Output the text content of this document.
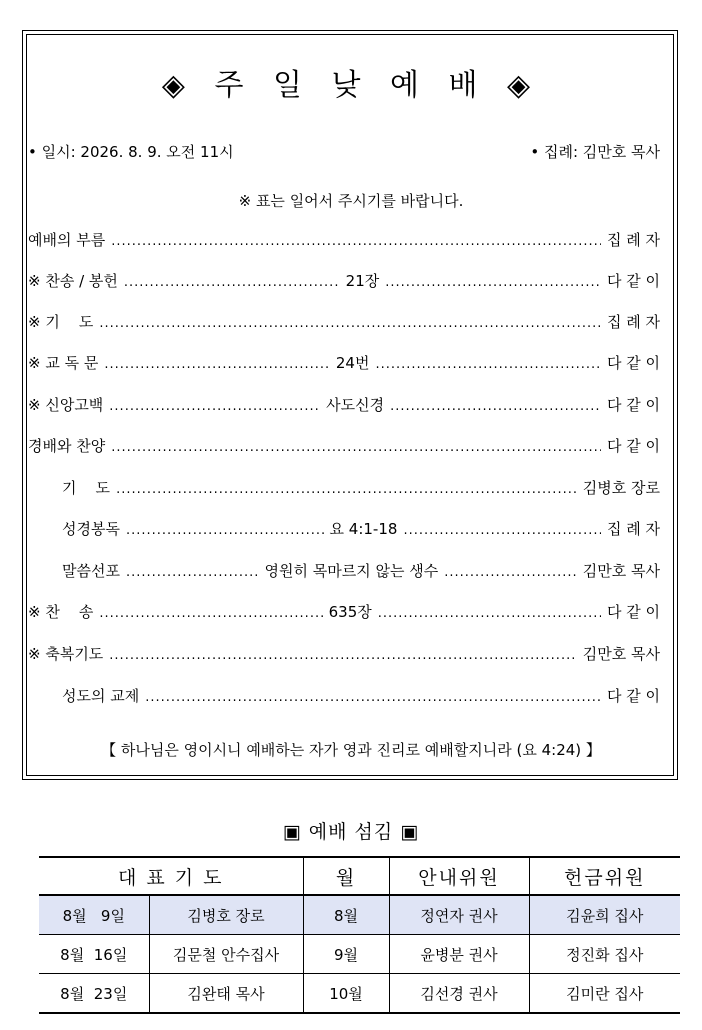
◈ 주 일 낮 예 배 ◈
• 일시: 2026. 8. 9. 오전 11시	• 집례: 김만호 목사
※ 표는 일어서 주시기를 바랍니다.
예배의 부름 .....	집 례 자
※ 찬송 / 봉헌 .....	21장 .....	다 같 이
※ 기    도 .....	집 례 자
※ 교 독 문 .....	24번 .....	다 같 이
※ 신앙고백 .....	사도신경 .....	다 같 이
경배와 찬양 .....	다 같 이
기    도 .....	김병호 장로
성경봉독 .....	요 4:1-18 .....	집 례 자
말씀선포 .....	영원히 목마르지 않는 생수 .....	김만호 목사
※ 찬    송 .....	635장 .....	다 같 이
※ 축복기도 .....	김만호 목사
성도의 교제 .....	다 같 이
【 하나님은 영이시니 예배하는 자가 영과 진리로 예배할지니라 (요 4:24) 】
▣ 예배 섬김 ▣
대 표 기 도		월	안내위원	헌금위원
8월   9일	김병호 장로	8월	정연자 권사	김윤희 집사
8월  16일	김문철 안수집사	9월	윤병분 권사	정진화 집사
8월  23일	김완태 목사	10월	김선경 권사	김미란 집사
